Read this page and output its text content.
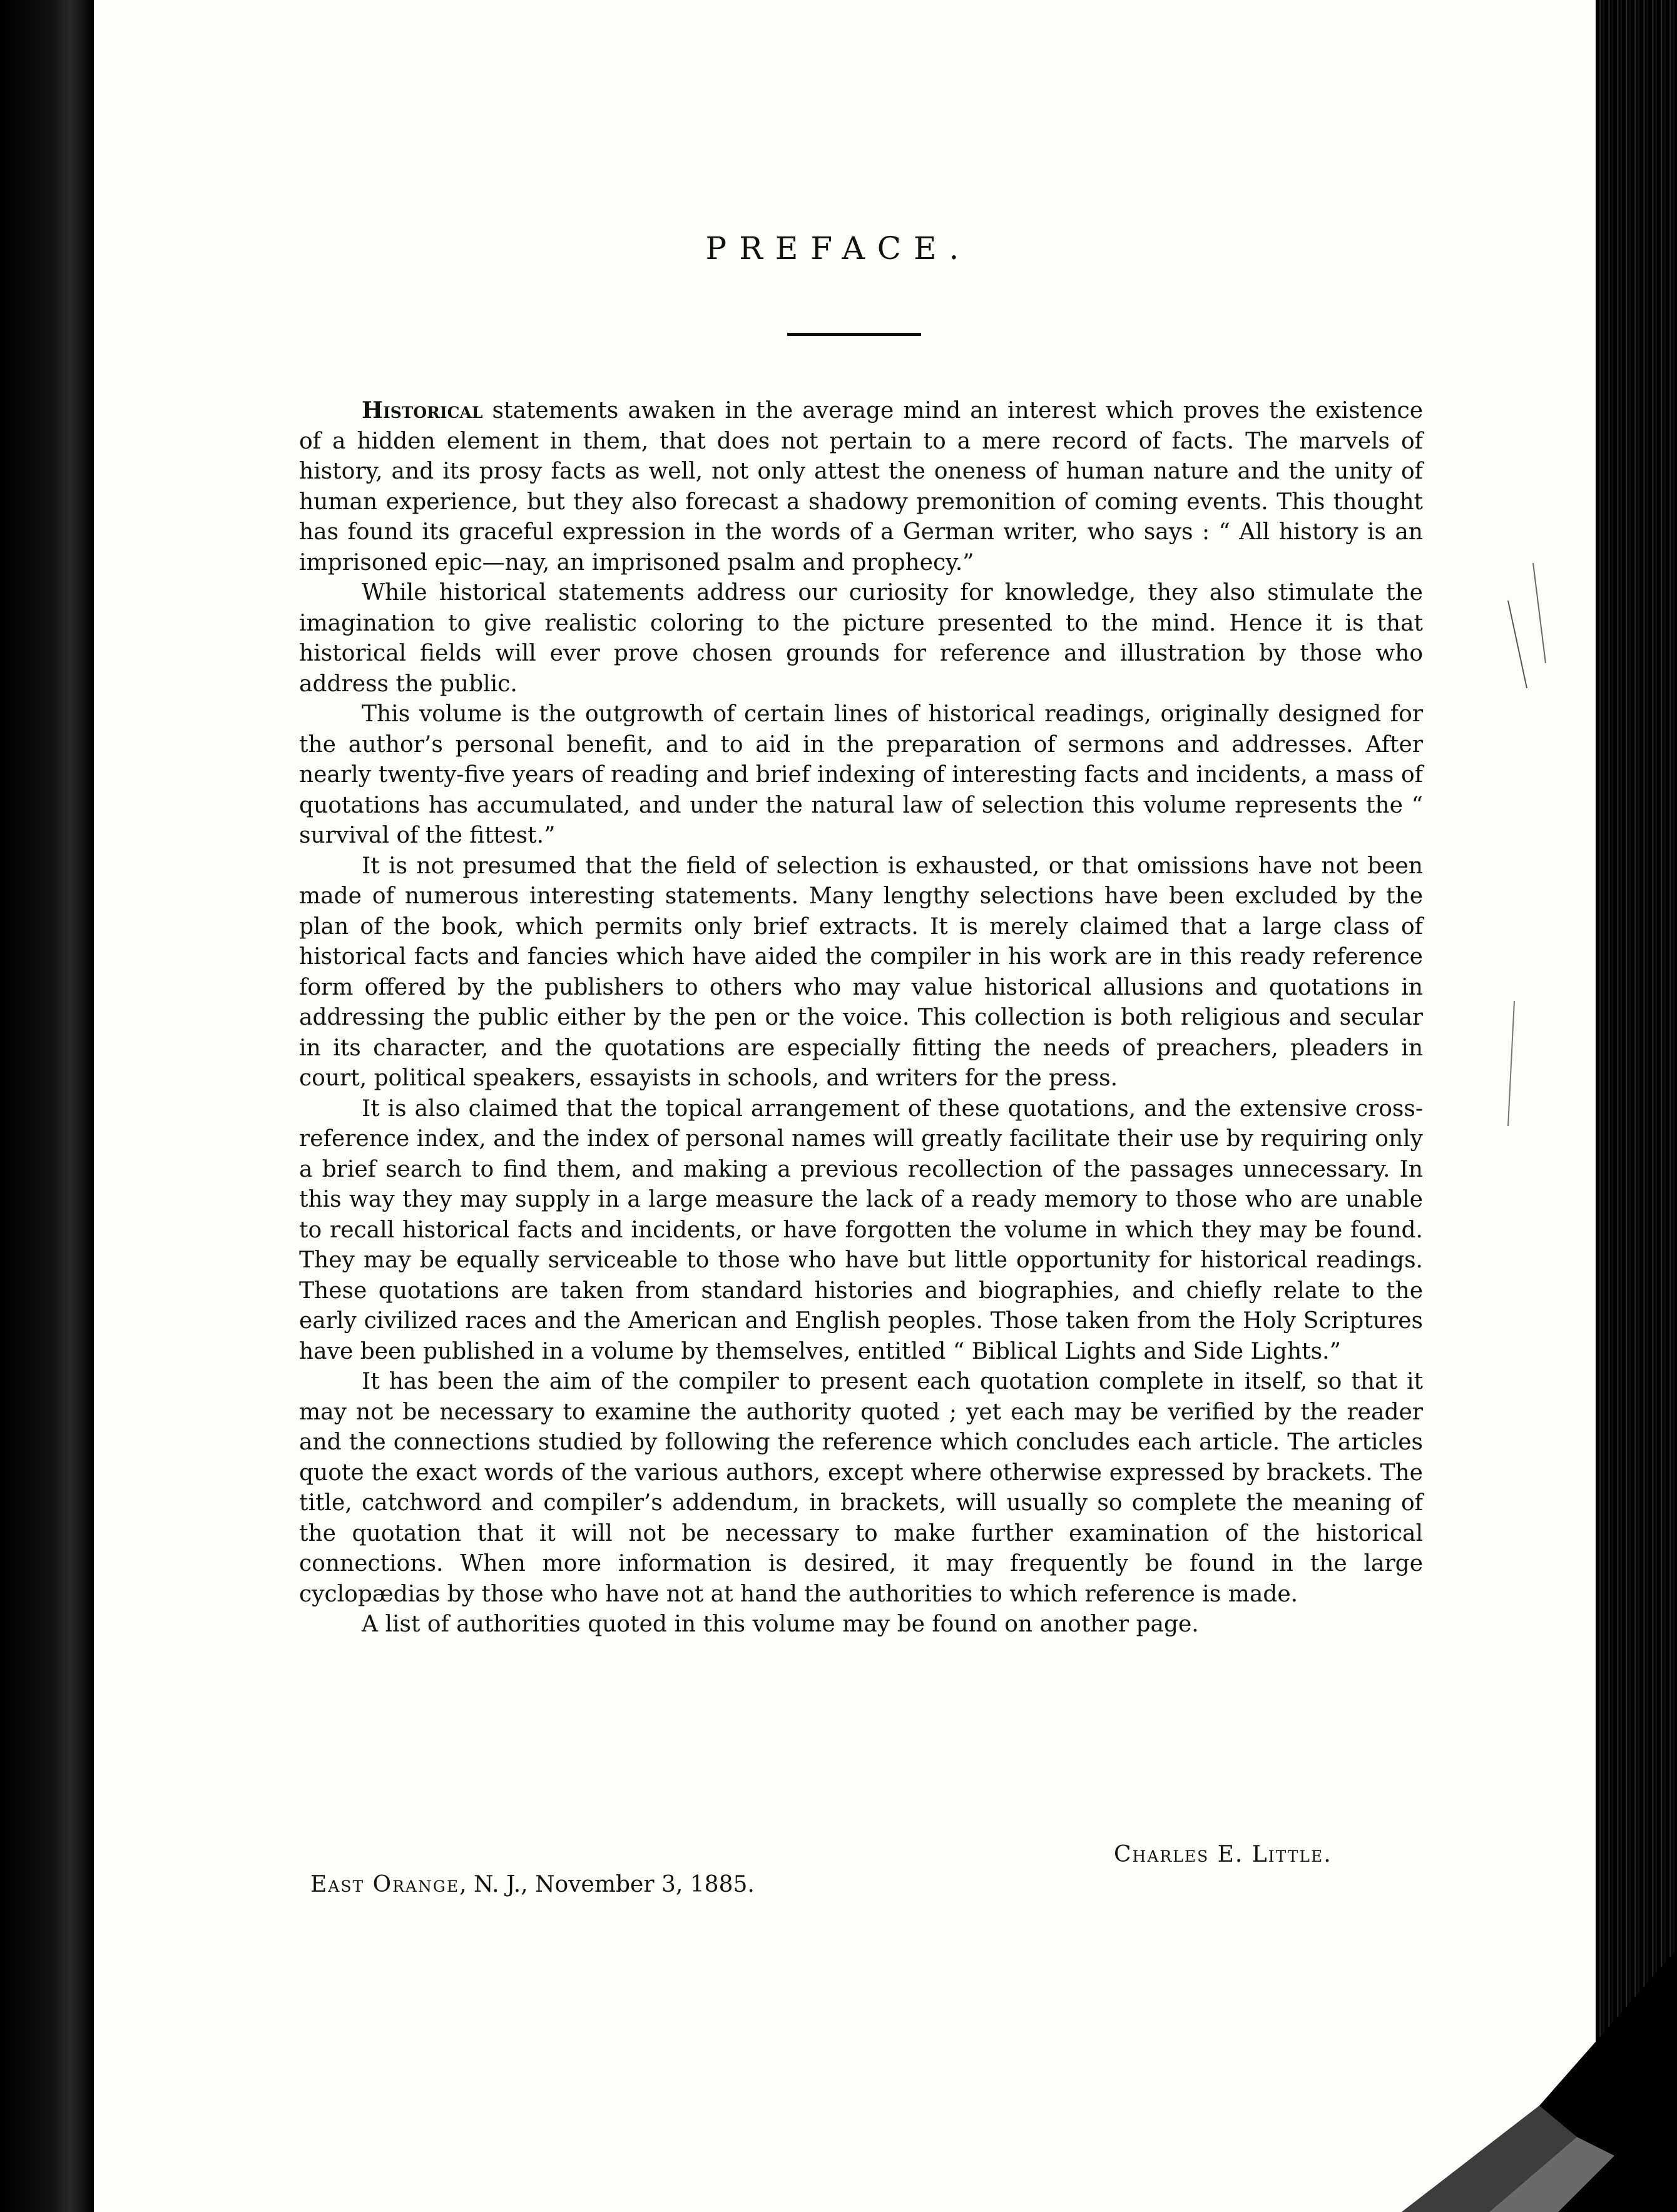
PREFACE.

Historical statements awaken in the average mind an interest which proves the existence of a hidden element in them, that does not pertain to a mere record of facts. The marvels of history, and its prosy facts as well, not only attest the oneness of human nature and the unity of human experience, but they also forecast a shadowy premonition of coming events. This thought has found its graceful expression in the words of a German writer, who says : “ All history is an imprisoned epic—nay, an imprisoned psalm and prophecy.”

While historical statements address our curiosity for knowledge, they also stimulate the imagination to give realistic coloring to the picture presented to the mind. Hence it is that historical fields will ever prove chosen grounds for reference and illustration by those who address the public.

This volume is the outgrowth of certain lines of historical readings, originally designed for the author’s personal benefit, and to aid in the preparation of sermons and addresses. After nearly twenty-five years of reading and brief indexing of interesting facts and incidents, a mass of quotations has accumulated, and under the natural law of selection this volume represents the “ survival of the fittest.”

It is not presumed that the field of selection is exhausted, or that omissions have not been made of numerous interesting statements. Many lengthy selections have been excluded by the plan of the book, which permits only brief extracts. It is merely claimed that a large class of historical facts and fancies which have aided the compiler in his work are in this ready reference form offered by the publishers to others who may value historical allusions and quotations in addressing the public either by the pen or the voice. This collection is both religious and secular in its character, and the quotations are especially fitting the needs of preachers, pleaders in court, political speakers, essayists in schools, and writers for the press.

It is also claimed that the topical arrangement of these quotations, and the extensive cross-reference index, and the index of personal names will greatly facilitate their use by requiring only a brief search to find them, and making a previous recollection of the passages unnecessary. In this way they may supply in a large measure the lack of a ready memory to those who are unable to recall historical facts and incidents, or have forgotten the volume in which they may be found. They may be equally serviceable to those who have but little opportunity for historical readings. These quotations are taken from standard histories and biographies, and chiefly relate to the early civilized races and the American and English peoples. Those taken from the Holy Scriptures have been published in a volume by themselves, entitled “ Biblical Lights and Side Lights.”

It has been the aim of the compiler to present each quotation complete in itself, so that it may not be necessary to examine the authority quoted ; yet each may be verified by the reader and the connections studied by following the reference which concludes each article. The articles quote the exact words of the various authors, except where otherwise expressed by brackets. The title, catchword and compiler’s addendum, in brackets, will usually so complete the meaning of the quotation that it will not be necessary to make further examination of the historical connections. When more information is desired, it may frequently be found in the large cyclopædias by those who have not at hand the authorities to which reference is made.

A list of authorities quoted in this volume may be found on another page.

Charles E. Little.
East Orange, N. J., November 3, 1885.
